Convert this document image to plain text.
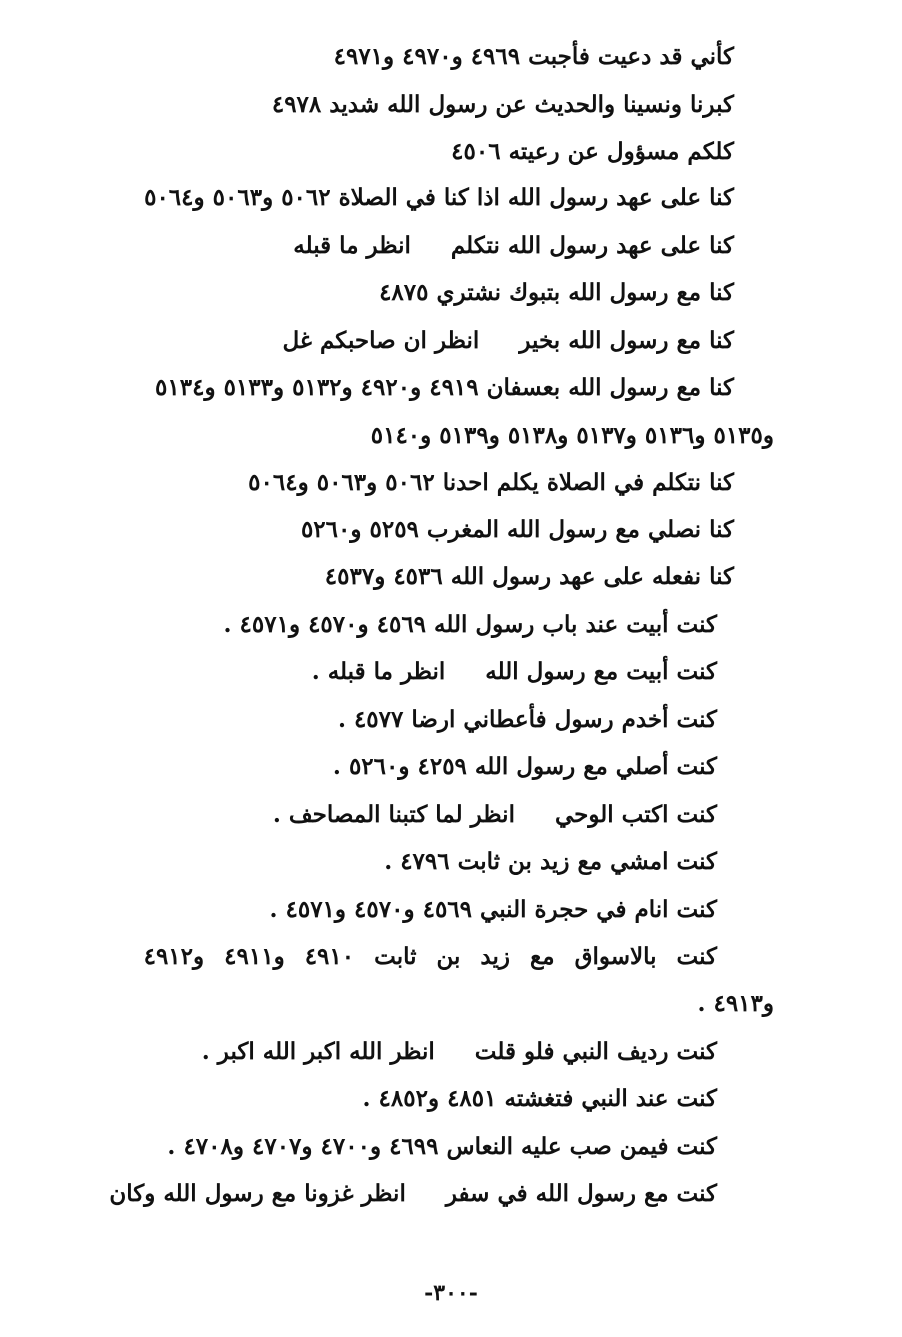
كأني قد دعيت فأجبت ٤٩٦٩ و٤٩٧٠ و٤٩٧١
كبرنا ونسينا والحديث عن رسول الله شديد ٤٩٧٨
كلكم مسؤول عن رعيته ٤٥٠٦
كنا على عهد رسول الله اذا كنا في الصلاة ٥٠٦٢ و٥٠٦٣ و٥٠٦٤
كنا على عهد رسول الله نتكلمانظر ما قبله
كنا مع رسول الله بتبوك نشتري ٤٨٧٥
كنا مع رسول الله بخيرانظر ان صاحبكم غل
كنا مع رسول الله بعسفان ٤٩١٩ و٤٩٢٠ و٥١٣٢ و٥١٣٣ و٥١٣٤
و٥١٣٥ و٥١٣٦ و٥١٣٧ و٥١٣٨ و٥١٣٩ و٥١٤٠
كنا نتكلم في الصلاة يكلم احدنا ٥٠٦٢ و٥٠٦٣ و٥٠٦٤
كنا نصلي مع رسول الله المغرب ٥٢٥٩ و٥٢٦٠
كنا نفعله على عهد رسول الله ٤٥٣٦ و٤٥٣٧
كنت أبيت عند باب رسول الله ٤٥٦٩ و٤٥٧٠ و٤٥٧١ .
كنت أبيت مع رسول اللهانظر ما قبله .
كنت أخدم رسول فأعطاني ارضا ٤٥٧٧ .
كنت أصلي مع رسول الله ٤٢٥٩ و٥٢٦٠ .
كنت اكتب الوحيانظر لما كتبنا المصاحف .
كنت امشي مع زيد بن ثابت ٤٧٩٦ .
كنت انام في حجرة النبي ٤٥٦٩ و٤٥٧٠ و٤٥٧١ .
كنت بالاسواق مع زيد بن ثابت ٤٩١٠ و٤٩١١ و٤٩١٢
و٤٩١٣ .
كنت رديف النبي فلو قلتانظر الله اكبر الله اكبر .
كنت عند النبي فتغشته ٤٨٥١ و٤٨٥٢ .
كنت فيمن صب عليه النعاس ٤٦٩٩ و٤٧٠٠ و٤٧٠٧ و٤٧٠٨ .
كنت مع رسول الله في سفرانظر غزونا مع رسول الله وكان
-٣٠٠-
